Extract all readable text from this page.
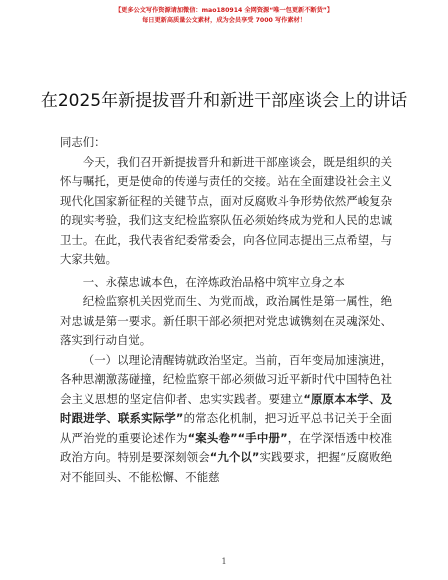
【更多公文写作资源请加微信：mao180914 全网资源“唯一包更新不断货”】
每日更新高质量公文素材，成为会员享受 7000 写作素材！
在2025年新提拔晋升和新进干部座谈会上的讲话

同志们：

今天，我们召开新提拔晋升和新进干部座谈会，既是组织的关怀与嘱托，更是使命的传递与责任的交接。站在全面建设社会主义现代化国家新征程的关键节点，面对反腐败斗争形势依然严峻复杂的现实考验，我们这支纪检监察队伍必须始终成为党和人民的忠诚卫士。在此，我代表省纪委常委会，向各位同志提出三点希望，与大家共勉。

一、永葆忠诚本色，在淬炼政治品格中筑牢立身之本

纪检监察机关因党而生、为党而战，政治属性是第一属性，绝对忠诚是第一要求。新任职干部必须把对党忠诚镌刻在灵魂深处、落实到行动自觉。

（一）以理论清醒铸就政治坚定。当前，百年变局加速演进，各种思潮激荡碰撞，纪检监察干部必须做习近平新时代中国特色社会主义思想的坚定信仰者、忠实实践者。要建立“原原本本学、及时跟进学、联系实际学”的常态化机制，把习近平总书记关于全面从严治党的重要论述作为“案头卷”“手中册”，在学深悟透中校准政治方向。特别是要深刻领会“九个以”实践要求，把握“反腐败绝对不能回头、不能松懈、不能慈

1
